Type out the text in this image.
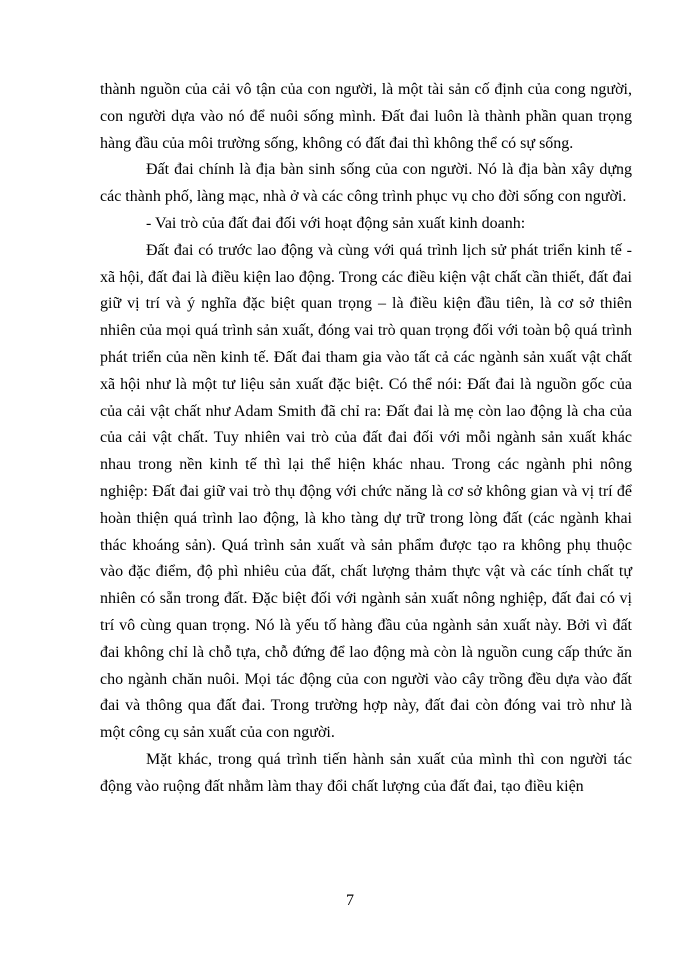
thành nguồn của cải vô tận của con người, là một tài sản cố định của cong người, con người dựa vào nó để nuôi sống mình. Đất đai luôn là thành phần quan trọng hàng đầu của môi trường sống, không có đất đai thì không thể có sự sống.

Đất đai chính là địa bàn sinh sống của con người. Nó là địa bàn xây dựng các thành phố, làng mạc, nhà ở và các công trình phục vụ cho đời sống con người.

- Vai trò của đất đai đối với hoạt động sản xuất kinh doanh:

Đất đai có trước lao động và cùng với quá trình lịch sử phát triển kinh tế - xã hội, đất đai là điều kiện lao động. Trong các điều kiện vật chất cần thiết, đất đai giữ vị trí và ý nghĩa đặc biệt quan trọng – là điều kiện đầu tiên, là cơ sở thiên nhiên của mọi quá trình sản xuất, đóng vai trò quan trọng đối với toàn bộ quá trình phát triển của nền kinh tế. Đất đai tham gia vào tất cả các ngành sản xuất vật chất xã hội như là một tư liệu sản xuất đặc biệt. Có thể nói: Đất đai là nguồn gốc của của cải vật chất như Adam Smith đã chỉ ra: Đất đai là mẹ còn lao động là cha của của cải vật chất. Tuy nhiên vai trò của đất đai đối với mỗi ngành sản xuất khác nhau trong nền kinh tế thì lại thể hiện khác nhau. Trong các ngành phi nông nghiệp: Đất đai giữ vai trò thụ động với chức năng là cơ sở không gian và vị trí để hoàn thiện quá trình lao động, là kho tàng dự trữ trong lòng đất (các ngành khai thác khoáng sản). Quá trình sản xuất và sản phẩm được tạo ra không phụ thuộc vào đặc điểm, độ phì nhiêu của đất, chất lượng thảm thực vật và các tính chất tự nhiên có sẵn trong đất. Đặc biệt đối với ngành sản xuất nông nghiệp, đất đai có vị trí vô cùng quan trọng. Nó là yếu tố hàng đầu của ngành sản xuất này. Bởi vì đất đai không chỉ là chỗ tựa, chỗ đứng để lao động mà còn là nguồn cung cấp thức ăn cho ngành chăn nuôi. Mọi tác động của con người vào cây trồng đều dựa vào đất đai và thông qua đất đai. Trong trường hợp này, đất đai còn đóng vai trò như là một công cụ sản xuất của con người.

Mặt khác, trong quá trình tiến hành sản xuất của mình thì con người tác động vào ruộng đất nhằm làm thay đổi chất lượng của đất đai, tạo điều kiện

7
